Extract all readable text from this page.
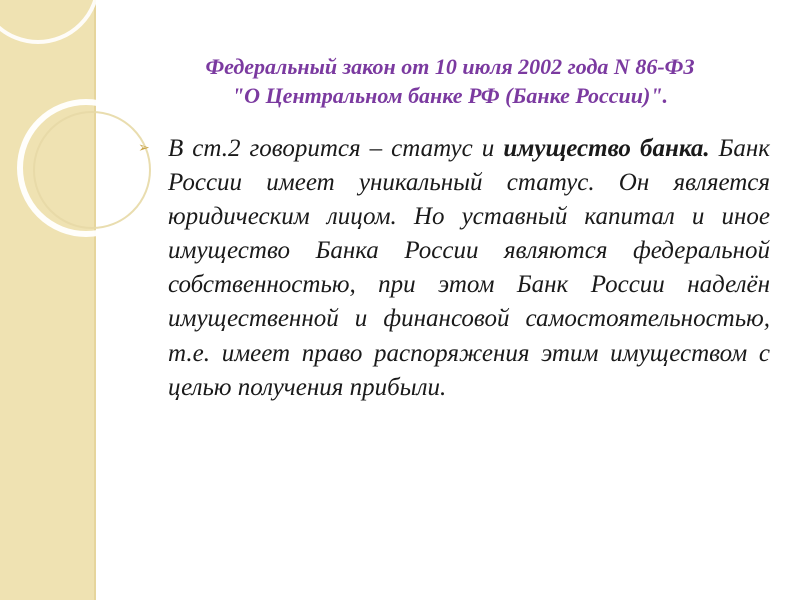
Федеральный закон от 10 июля 2002 года N 86-ФЗ
"О Центральном банке РФ (Банке России)".
➢ В ст.2 говорится – статус и имущество банка. Банк России имеет уникальный статус. Он является юридическим лицом. Но уставный капитал и иное имущество Банка России являются федеральной собственностью, при этом Банк России наделён имущественной и финансовой самостоятельностью, т.е. имеет право распоряжения этим имуществом с целью получения прибыли.
